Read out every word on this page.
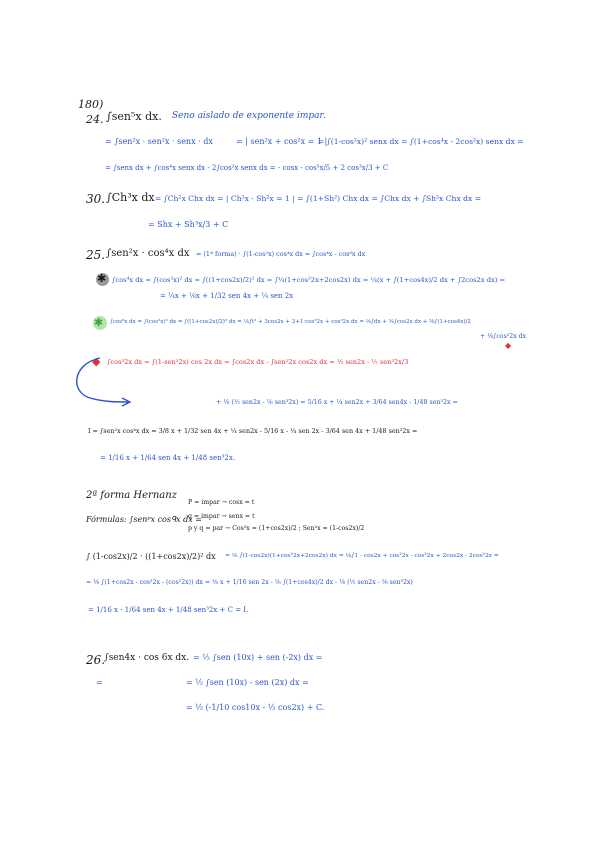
180)
24. ∫sen⁵x dx. Seno aislado de exponente impar.
= ∫sen²x · sen²x · senx · dx	= | sen²x + cos²x = 1 |
= ∫(1-cos²x)² senx dx = ∫(1+cos⁴x - 2cos²x) senx dx =
= ∫senx dx + ∫cos⁴x senx dx - 2∫cos²x senx dx = - cosx - cos⁵x/5 + 2 cos³x/3 + C
30. ∫Ch³x dx = ∫Ch²x Chx dx = | Ch²x - Sh²x = 1 | = ∫(1+Sh²) Chx dx = ∫Chx dx + ∫Sh²x Chx dx =
= Shx + Sh³x/3 + C
25. ∫sen²x · cos⁴x dx = (1ª forma) · ∫(1-cos²x) cos⁴x dx = ∫cos⁴x - cos⁶x dx
✱ ∫cos⁴x dx = ∫(cos²x)² dx = ∫((1+cos2x)/2)² dx = ∫¼(1+cos²2x+2cos2x) dx = ¼(x + ∫(1+cos4x)/2 dx + ∫2cos2x dx) =
= ¼x + ⅛x + 1/32 sen 4x + ¼ sen 2x
✱ ∫cos⁶x dx = ∫(cos²x)³ dx = ∫((1+cos2x)/2)³ dx = ⅛∫t³ + 3cos2x + 3+1·cos²2x + cos³2x dx = ⅛∫dx + ⅜∫cos2x dx + ⅜∫(1+cos4x)/2
+ ⅛∫cos³2x dx
◆
◆ ∫cos³2x dx = ∫(1-sen²2x) cos 2x dx = ∫cos2x dx - ∫sen²2x cos2x dx = ½ sen2x - ½ sen³2x/3
+ ⅛ (½ sen2x - ⅙ sen³2x) = 5/16 x + ¼ sen2x + 3/64 sen4x - 1/48 sen³2x =
I = ∫sen²x cos⁴x dx = 3/8 x + 1/32 sen 4x + ¼ sen2x - 5/16 x - ¼ sen 2x - 3/64 sen 4x + 1/48 sen³2x =
= 1/16 x + 1/64 sen 4x + 1/48 sen³2x.
2ª forma Hernanz
Fórmulas: ∫senᵖx cosᑫx dx =
P = impar → cosx = t
q = impar → senx = t
p y q = par → Cos²x = (1+cos2x)/2 ; Sen²x = (1-cos2x)/2
∫ (1-cos2x)/2 · ((1+cos2x)/2)² dx = ⅛ ∫(1-cos2x)(1+cos²2x+2cos2x) dx = ⅛∫1 - cos2x + cos²2x - cos²2x + 2cos2x - 2cos²2x =
= ⅛ ∫(1+cos2x - cos²2x - (cos²2x)) dx = ⅛ x + 1/16 sen 2x - ⅛ ∫(1+cos4x)/2 dx - ⅛ (½ sen2x - ⅙ sen³2x)
= 1/16 x - 1/64 sen 4x + 1/48 sen³2x + C = I.
26.
∫sen4x · cos 6x dx. = ½ ∫sen (10x) + sen (-2x) dx =
=	= ½ ∫sen (10x) - sen (2x) dx =
= ½ (-1/10 cos10x - ½ cos2x) + C.
